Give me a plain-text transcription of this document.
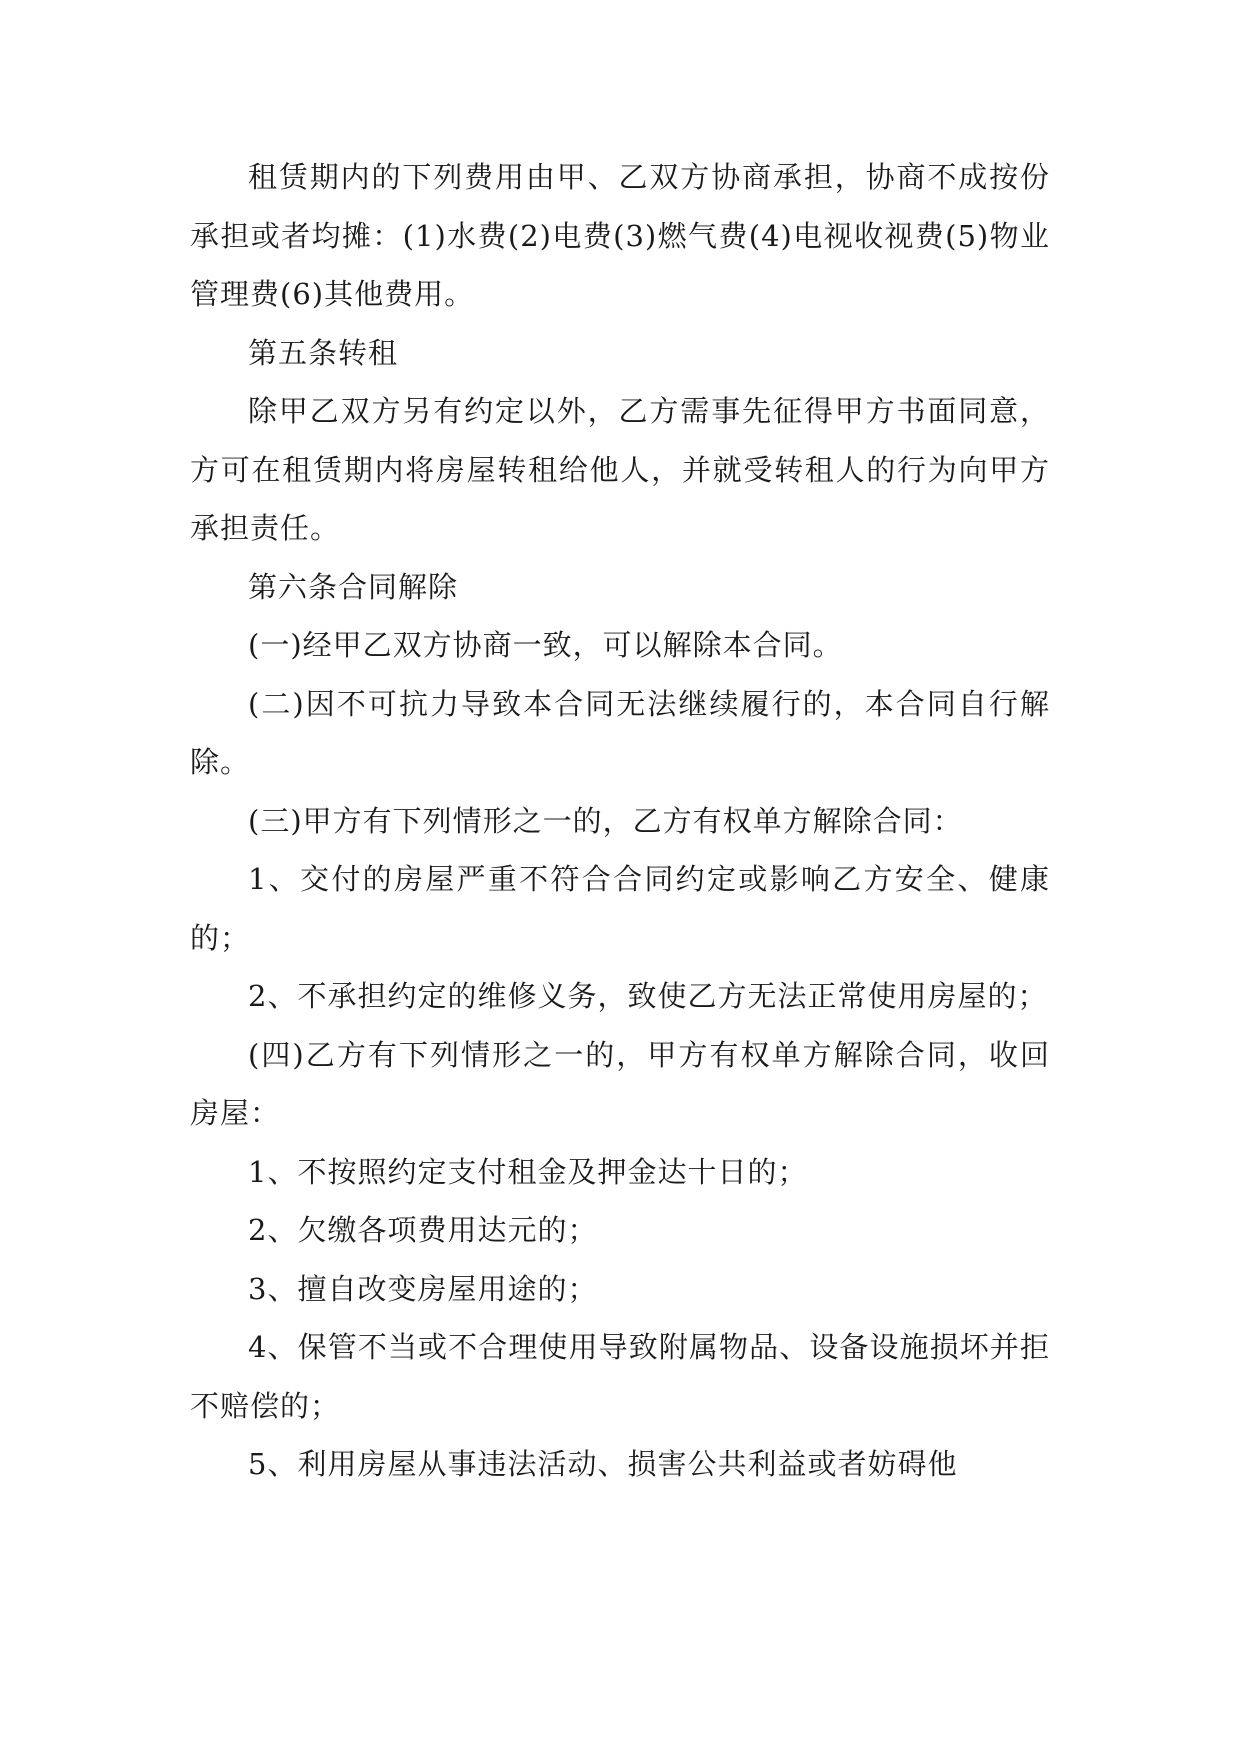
租赁期内的下列费用由甲、乙双方协商承担，协商不成按份承担或者均摊：(1)水费(2)电费(3)燃气费(4)电视收视费(5)物业管理费(6)其他费用。

第五条转租

除甲乙双方另有约定以外，乙方需事先征得甲方书面同意，方可在租赁期内将房屋转租给他人，并就受转租人的行为向甲方承担责任。

第六条合同解除

(一)经甲乙双方协商一致，可以解除本合同。

(二)因不可抗力导致本合同无法继续履行的，本合同自行解除。

(三)甲方有下列情形之一的，乙方有权单方解除合同：

1、交付的房屋严重不符合合同约定或影响乙方安全、健康的；

2、不承担约定的维修义务，致使乙方无法正常使用房屋的；

(四)乙方有下列情形之一的，甲方有权单方解除合同，收回房屋：

1、不按照约定支付租金及押金达十日的；

2、欠缴各项费用达元的；

3、擅自改变房屋用途的；

4、保管不当或不合理使用导致附属物品、设备设施损坏并拒不赔偿的；

5、利用房屋从事违法活动、损害公共利益或者妨碍他
